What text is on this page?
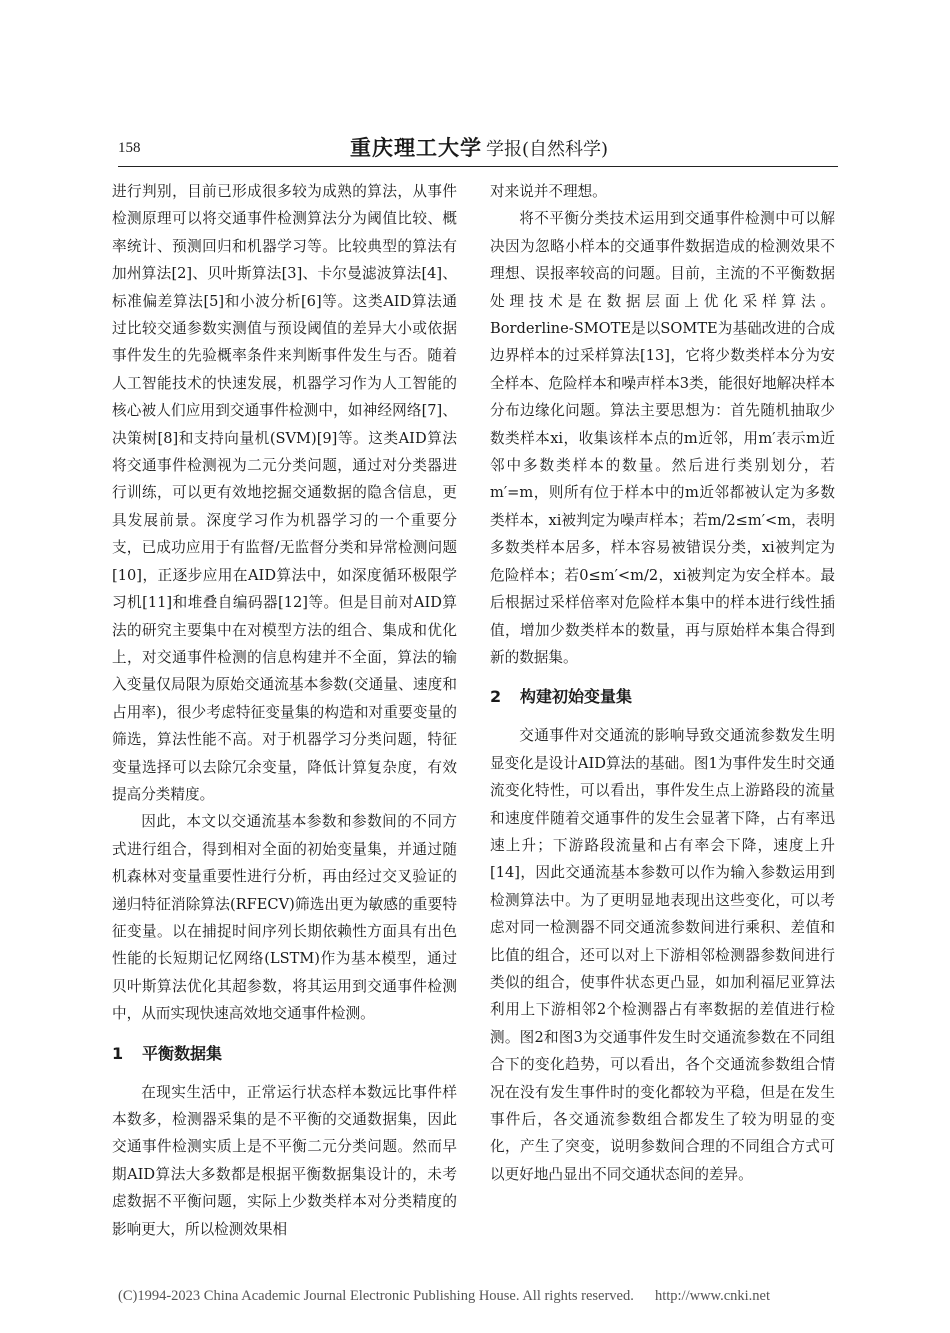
158	重庆理工大学 学报(自然科学)

进行判别，目前已形成很多较为成熟的算法，从事件检测原理可以将交通事件检测算法分为阈值比较、概率统计、预测回归和机器学习等。比较典型的算法有加州算法[2]、贝叶斯算法[3]、卡尔曼滤波算法[4]、标准偏差算法[5]和小波分析[6]等。这类AID算法通过比较交通参数实测值与预设阈值的差异大小或依据事件发生的先验概率条件来判断事件发生与否。随着人工智能技术的快速发展，机器学习作为人工智能的核心被人们应用到交通事件检测中，如神经网络[7]、决策树[8]和支持向量机(SVM)[9]等。这类AID算法将交通事件检测视为二元分类问题，通过对分类器进行训练，可以更有效地挖掘交通数据的隐含信息，更具发展前景。深度学习作为机器学习的一个重要分支，已成功应用于有监督/无监督分类和异常检测问题[10]，正逐步应用在AID算法中，如深度循环极限学习机[11]和堆叠自编码器[12]等。但是目前对AID算法的研究主要集中在对模型方法的组合、集成和优化上，对交通事件检测的信息构建并不全面，算法的输入变量仅局限为原始交通流基本参数(交通量、速度和占用率)，很少考虑特征变量集的构造和对重要变量的筛选，算法性能不高。对于机器学习分类问题，特征变量选择可以去除冗余变量，降低计算复杂度，有效提高分类精度。

因此，本文以交通流基本参数和参数间的不同方式进行组合，得到相对全面的初始变量集，并通过随机森林对变量重要性进行分析，再由经过交叉验证的递归特征消除算法(RFECV)筛选出更为敏感的重要特征变量。以在捕捉时间序列长期依赖性方面具有出色性能的长短期记忆网络(LSTM)作为基本模型，通过贝叶斯算法优化其超参数，将其运用到交通事件检测中，从而实现快速高效地交通事件检测。

1 平衡数据集

在现实生活中，正常运行状态样本数远比事件样本数多，检测器采集的是不平衡的交通数据集，因此交通事件检测实质上是不平衡二元分类问题。然而早期AID算法大多数都是根据平衡数据集设计的，未考虑数据不平衡问题，实际上少数类样本对分类精度的影响更大，所以检测效果相

对来说并不理想。

将不平衡分类技术运用到交通事件检测中可以解决因为忽略小样本的交通事件数据造成的检测效果不理想、误报率较高的问题。目前，主流的不平衡数据处理技术是在数据层面上优化采样算法。Borderline-SMOTE是以SOMTE为基础改进的合成边界样本的过采样算法[13]，它将少数类样本分为安全样本、危险样本和噪声样本3类，能很好地解决样本分布边缘化问题。算法主要思想为：首先随机抽取少数类样本xi，收集该样本点的m近邻，用m′表示m近邻中多数类样本的数量。然后进行类别划分，若m′=m，则所有位于样本中的m近邻都被认定为多数类样本，xi被判定为噪声样本；若m/2≤m′<m，表明多数类样本居多，样本容易被错误分类，xi被判定为危险样本；若0≤m′<m/2，xi被判定为安全样本。最后根据过采样倍率对危险样本集中的样本进行线性插值，增加少数类样本的数量，再与原始样本集合得到新的数据集。

2 构建初始变量集

交通事件对交通流的影响导致交通流参数发生明显变化是设计AID算法的基础。图1为事件发生时交通流变化特性，可以看出，事件发生点上游路段的流量和速度伴随着交通事件的发生会显著下降，占有率迅速上升；下游路段流量和占有率会下降，速度上升[14]，因此交通流基本参数可以作为输入参数运用到检测算法中。为了更明显地表现出这些变化，可以考虑对同一检测器不同交通流参数间进行乘积、差值和比值的组合，还可以对上下游相邻检测器参数间进行类似的组合，使事件状态更凸显，如加利福尼亚算法利用上下游相邻2个检测器占有率数据的差值进行检测。图2和图3为交通事件发生时交通流参数在不同组合下的变化趋势，可以看出，各个交通流参数组合情况在没有发生事件时的变化都较为平稳，但是在发生事件后，各交通流参数组合都发生了较为明显的变化，产生了突变，说明参数间合理的不同组合方式可以更好地凸显出不同交通状态间的差异。

(C)1994-2023 China Academic Journal Electronic Publishing House. All rights reserved. http://www.cnki.net
